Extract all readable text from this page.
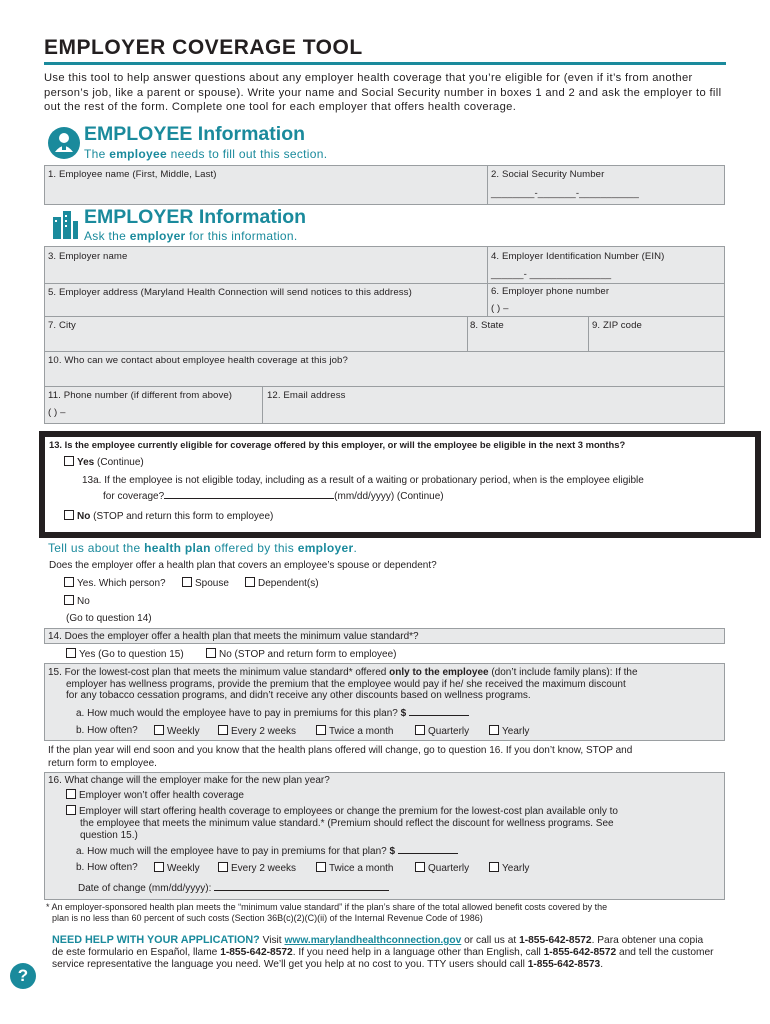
EMPLOYER COVERAGE TOOL
Use this tool to help answer questions about any employer health coverage that you’re eligible for (even if it’s from another person’s job, like a parent or spouse). Write your name and Social Security number in boxes 1 and 2 and ask the employer to fill out the rest of the form. Complete one tool for each employer that offers health coverage.
EMPLOYEE Information
The employee needs to fill out this section.
1. Employee name (First, Middle, Last)	2. Social Security Number
________-_______-___________
EMPLOYER Information
Ask the employer for this information.
3. Employer name	4. Employer Identification Number (EIN)
______- _______________
5. Employer address (Maryland Health Connection will send notices to this address)	6. Employer phone number
( ) –
7. City	8. State	9. ZIP code
10. Who can we contact about employee health coverage at this job?
11. Phone number (if different from above)
( ) –
12. Email address
13. Is the employee currently eligible for coverage offered by this employer, or will the employee be eligible in the next 3 months?
Yes (Continue)
13a. If the employee is not eligible today, including as a result of a waiting or probationary period, when is the employee eligible
for coverage?	(mm/dd/yyyy) (Continue)
No (STOP and return this form to employee)
Tell us about the health plan offered by this employer.
Does the employer offer a health plan that covers an employee’s spouse or dependent?
Yes. Which person?	Spouse	Dependent(s)
No
(Go to question 14)
14. Does the employer offer a health plan that meets the minimum value standard*?
Yes (Go to question 15)	No (STOP and return form to employee)
15. For the lowest-cost plan that meets the minimum value standard* offered only to the employee (don’t include family plans): If the
employer has wellness programs, provide the premium that the employee would pay if he/ she received the maximum discount
for any tobacco cessation programs, and didn’t receive any other discounts based on wellness programs.
a. How much would the employee have to pay in premiums for this plan? $
b. How often?	Weekly	Every 2 weeks	Twice a month	Quarterly	Yearly
If the plan year will end soon and you know that the health plans offered will change, go to question 16. If you don’t know, STOP and
return form to employee.
16. What change will the employer make for the new plan year?
Employer won’t offer health coverage
Employer will start offering health coverage to employees or change the premium for the lowest-cost plan available only to
the employee that meets the minimum value standard.* (Premium should reflect the discount for wellness programs. See
question 15.)
a. How much will the employee have to pay in premiums for that plan? $
b. How often?	Weekly	Every 2 weeks	Twice a month	Quarterly	Yearly
Date of change (mm/dd/yyyy):
* An employer-sponsored health plan meets the “minimum value standard” if the plan’s share of the total allowed benefit costs covered by the
plan is no less than 60 percent of such costs (Section 36B(c)(2)(C)(ii) of the Internal Revenue Code of 1986)
?
NEED HELP WITH YOUR APPLICATION? Visit www.marylandhealthconnection.gov or call us at 1-855-642-8572. Para obtener una copia de este formulario en Español, llame 1-855-642-8572. If you need help in a language other than English, call 1-855-642-8572 and tell the customer service representative the language you need. We’ll get you help at no cost to you. TTY users should call 1-855-642-8573.
